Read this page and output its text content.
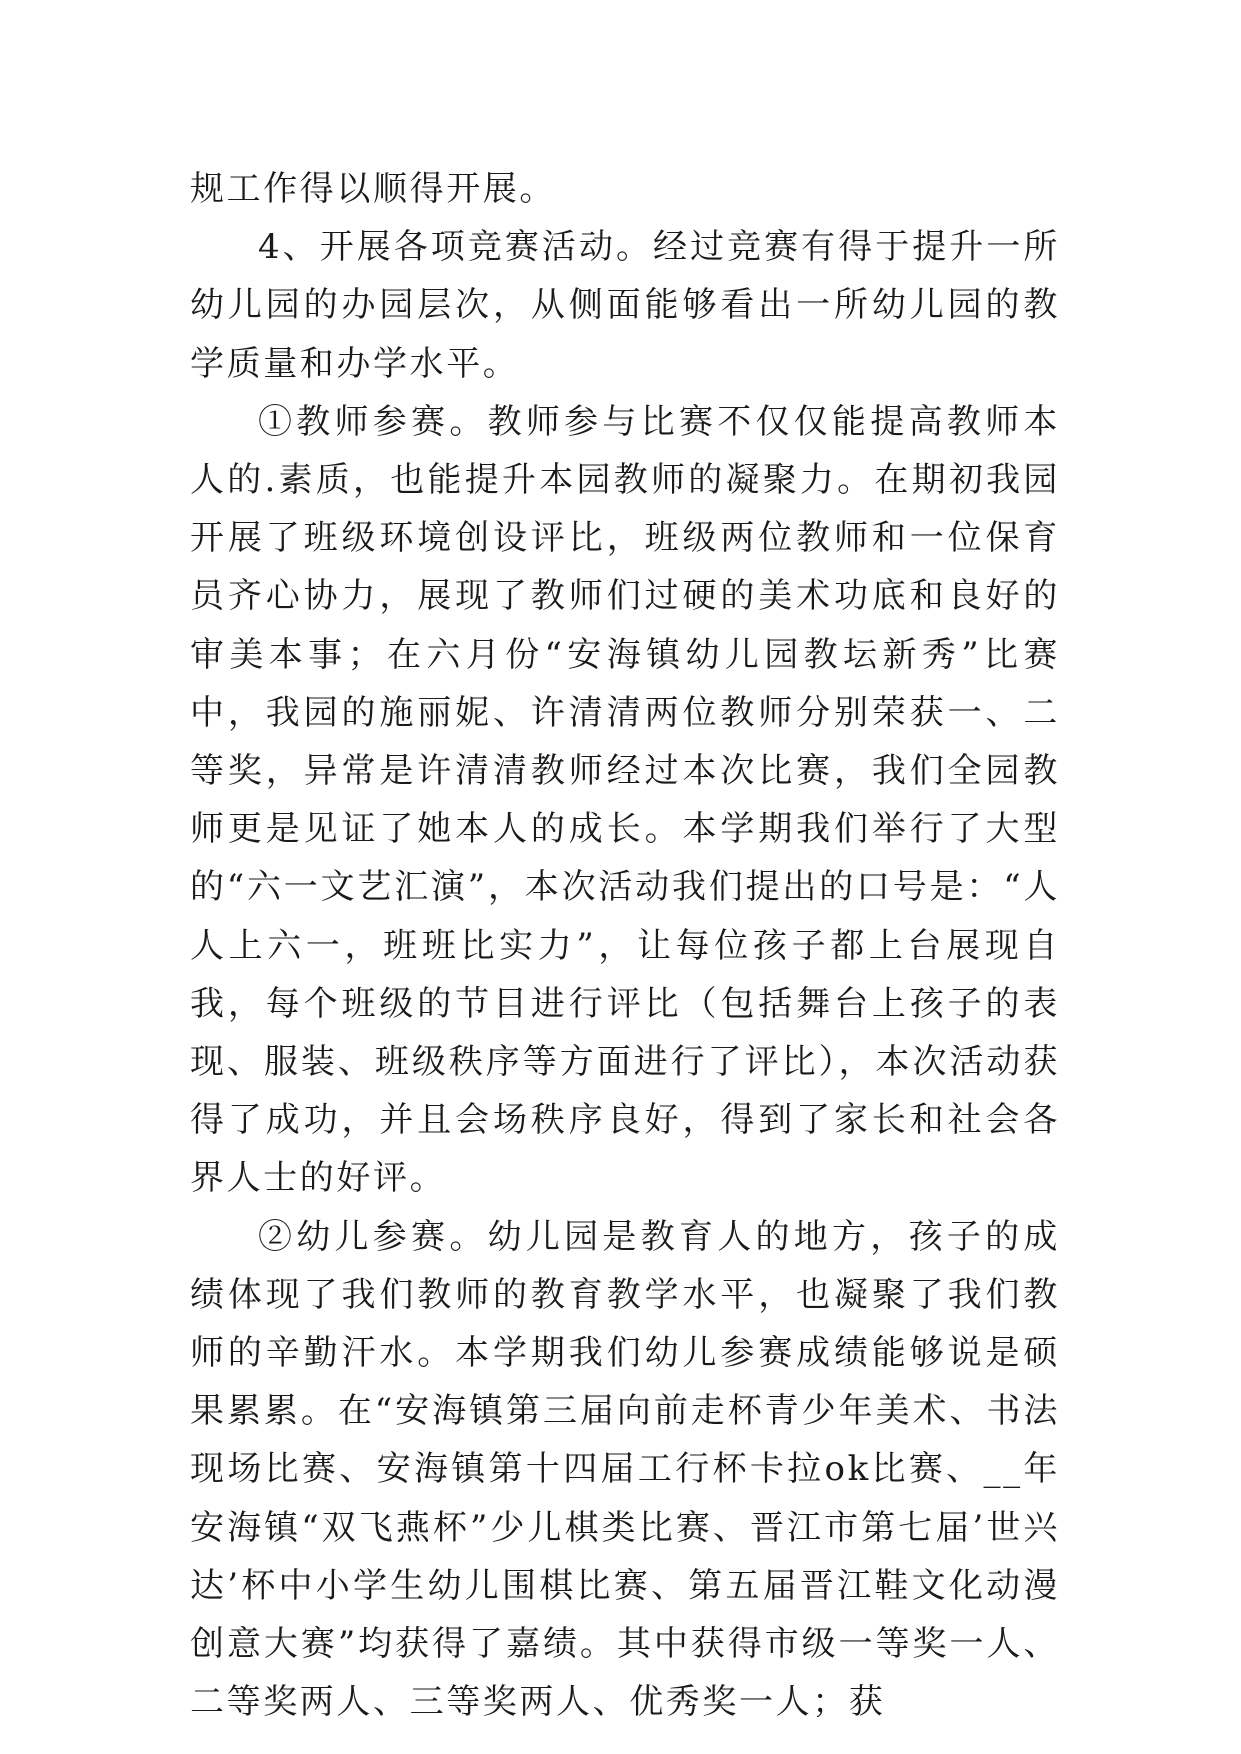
规工作得以顺得开展。

4、开展各项竞赛活动。经过竞赛有得于提升一所幼儿园的办园层次，从侧面能够看出一所幼儿园的教学质量和办学水平。

①教师参赛。教师参与比赛不仅仅能提高教师本人的.素质，也能提升本园教师的凝聚力。在期初我园开展了班级环境创设评比，班级两位教师和一位保育员齐心协力，展现了教师们过硬的美术功底和良好的审美本事；在六月份“安海镇幼儿园教坛新秀”比赛中，我园的施丽妮、许清清两位教师分别荣获一、二等奖，异常是许清清教师经过本次比赛，我们全园教师更是见证了她本人的成长。本学期我们举行了大型的“六一文艺汇演”，本次活动我们提出的口号是：“人人上六一，班班比实力”，让每位孩子都上台展现自我，每个班级的节目进行评比（包括舞台上孩子的表现、服装、班级秩序等方面进行了评比），本次活动获得了成功，并且会场秩序良好，得到了家长和社会各界人士的好评。

②幼儿参赛。幼儿园是教育人的地方，孩子的成绩体现了我们教师的教育教学水平，也凝聚了我们教师的辛勤汗水。本学期我们幼儿参赛成绩能够说是硕果累累。在“安海镇第三届向前走杯青少年美术、书法现场比赛、安海镇第十四届工行杯卡拉ok比赛、__年安海镇“双飞燕杯”少儿棋类比赛、晋江市第七届’世兴达’杯中小学生幼儿围棋比赛、第五届晋江鞋文化动漫创意大赛”均获得了嘉绩。其中获得市级一等奖一人、二等奖两人、三等奖两人、优秀奖一人；获
